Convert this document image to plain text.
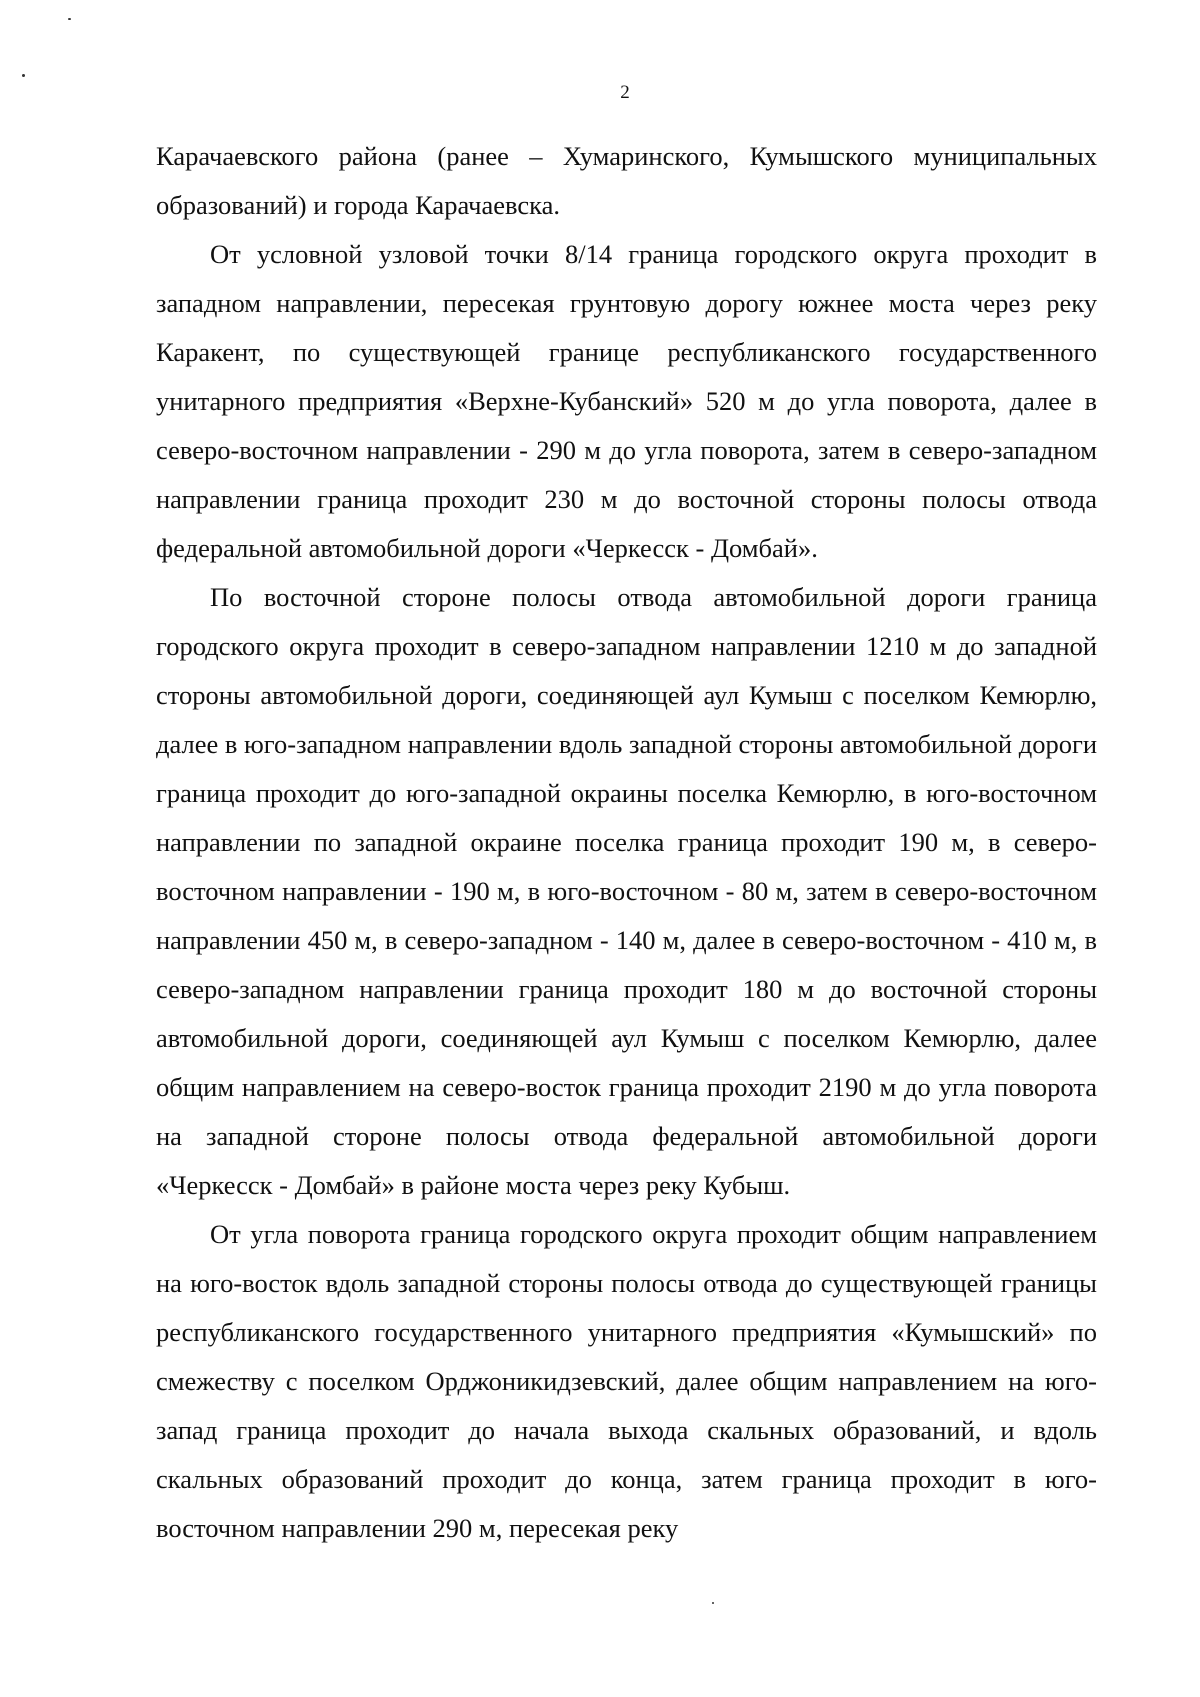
2

Карачаевского района (ранее – Хумаринского, Кумышского муниципальных образований) и города Карачаевска.

От условной узловой точки 8/14 граница городского округа проходит в западном направлении, пересекая грунтовую дорогу южнее моста через реку Каракент, по существующей границе республиканского государственного унитарного предприятия «Верхне-Кубанский» 520 м до угла поворота, далее в северо-восточном направлении - 290 м до угла поворота, затем в северо-западном направлении граница проходит 230 м до восточной стороны полосы отвода федеральной автомобильной дороги «Черкесск - Домбай».

По восточной стороне полосы отвода автомобильной дороги граница городского округа проходит в северо-западном направлении 1210 м до западной стороны автомобильной дороги, соединяющей аул Кумыш с поселком Кемюрлю, далее в юго-западном направлении вдоль западной стороны автомобильной дороги граница проходит до юго-западной окраины поселка Кемюрлю, в юго-восточном направлении по западной окраине поселка граница проходит 190 м, в северо-восточном направлении - 190 м, в юго-восточном - 80 м, затем в северо-восточном направлении 450 м, в северо-западном - 140 м, далее в северо-восточном - 410 м, в северо-западном направлении граница проходит 180 м до восточной стороны автомобильной дороги, соединяющей аул Кумыш с поселком Кемюрлю, далее общим направлением на северо-восток граница проходит 2190 м до угла поворота на западной стороне полосы отвода федеральной автомобильной дороги «Черкесск - Домбай» в районе моста через реку Кубыш.

От угла поворота граница городского округа проходит общим направлением на юго-восток вдоль западной стороны полосы отвода до существующей границы республиканского государственного унитарного предприятия «Кумышский» по смежеству с поселком Орджоникидзевский, далее общим направлением на юго-запад граница проходит до начала выхода скальных образований, и вдоль скальных образований проходит до конца, затем граница проходит в юго-восточном направлении 290 м, пересекая реку
